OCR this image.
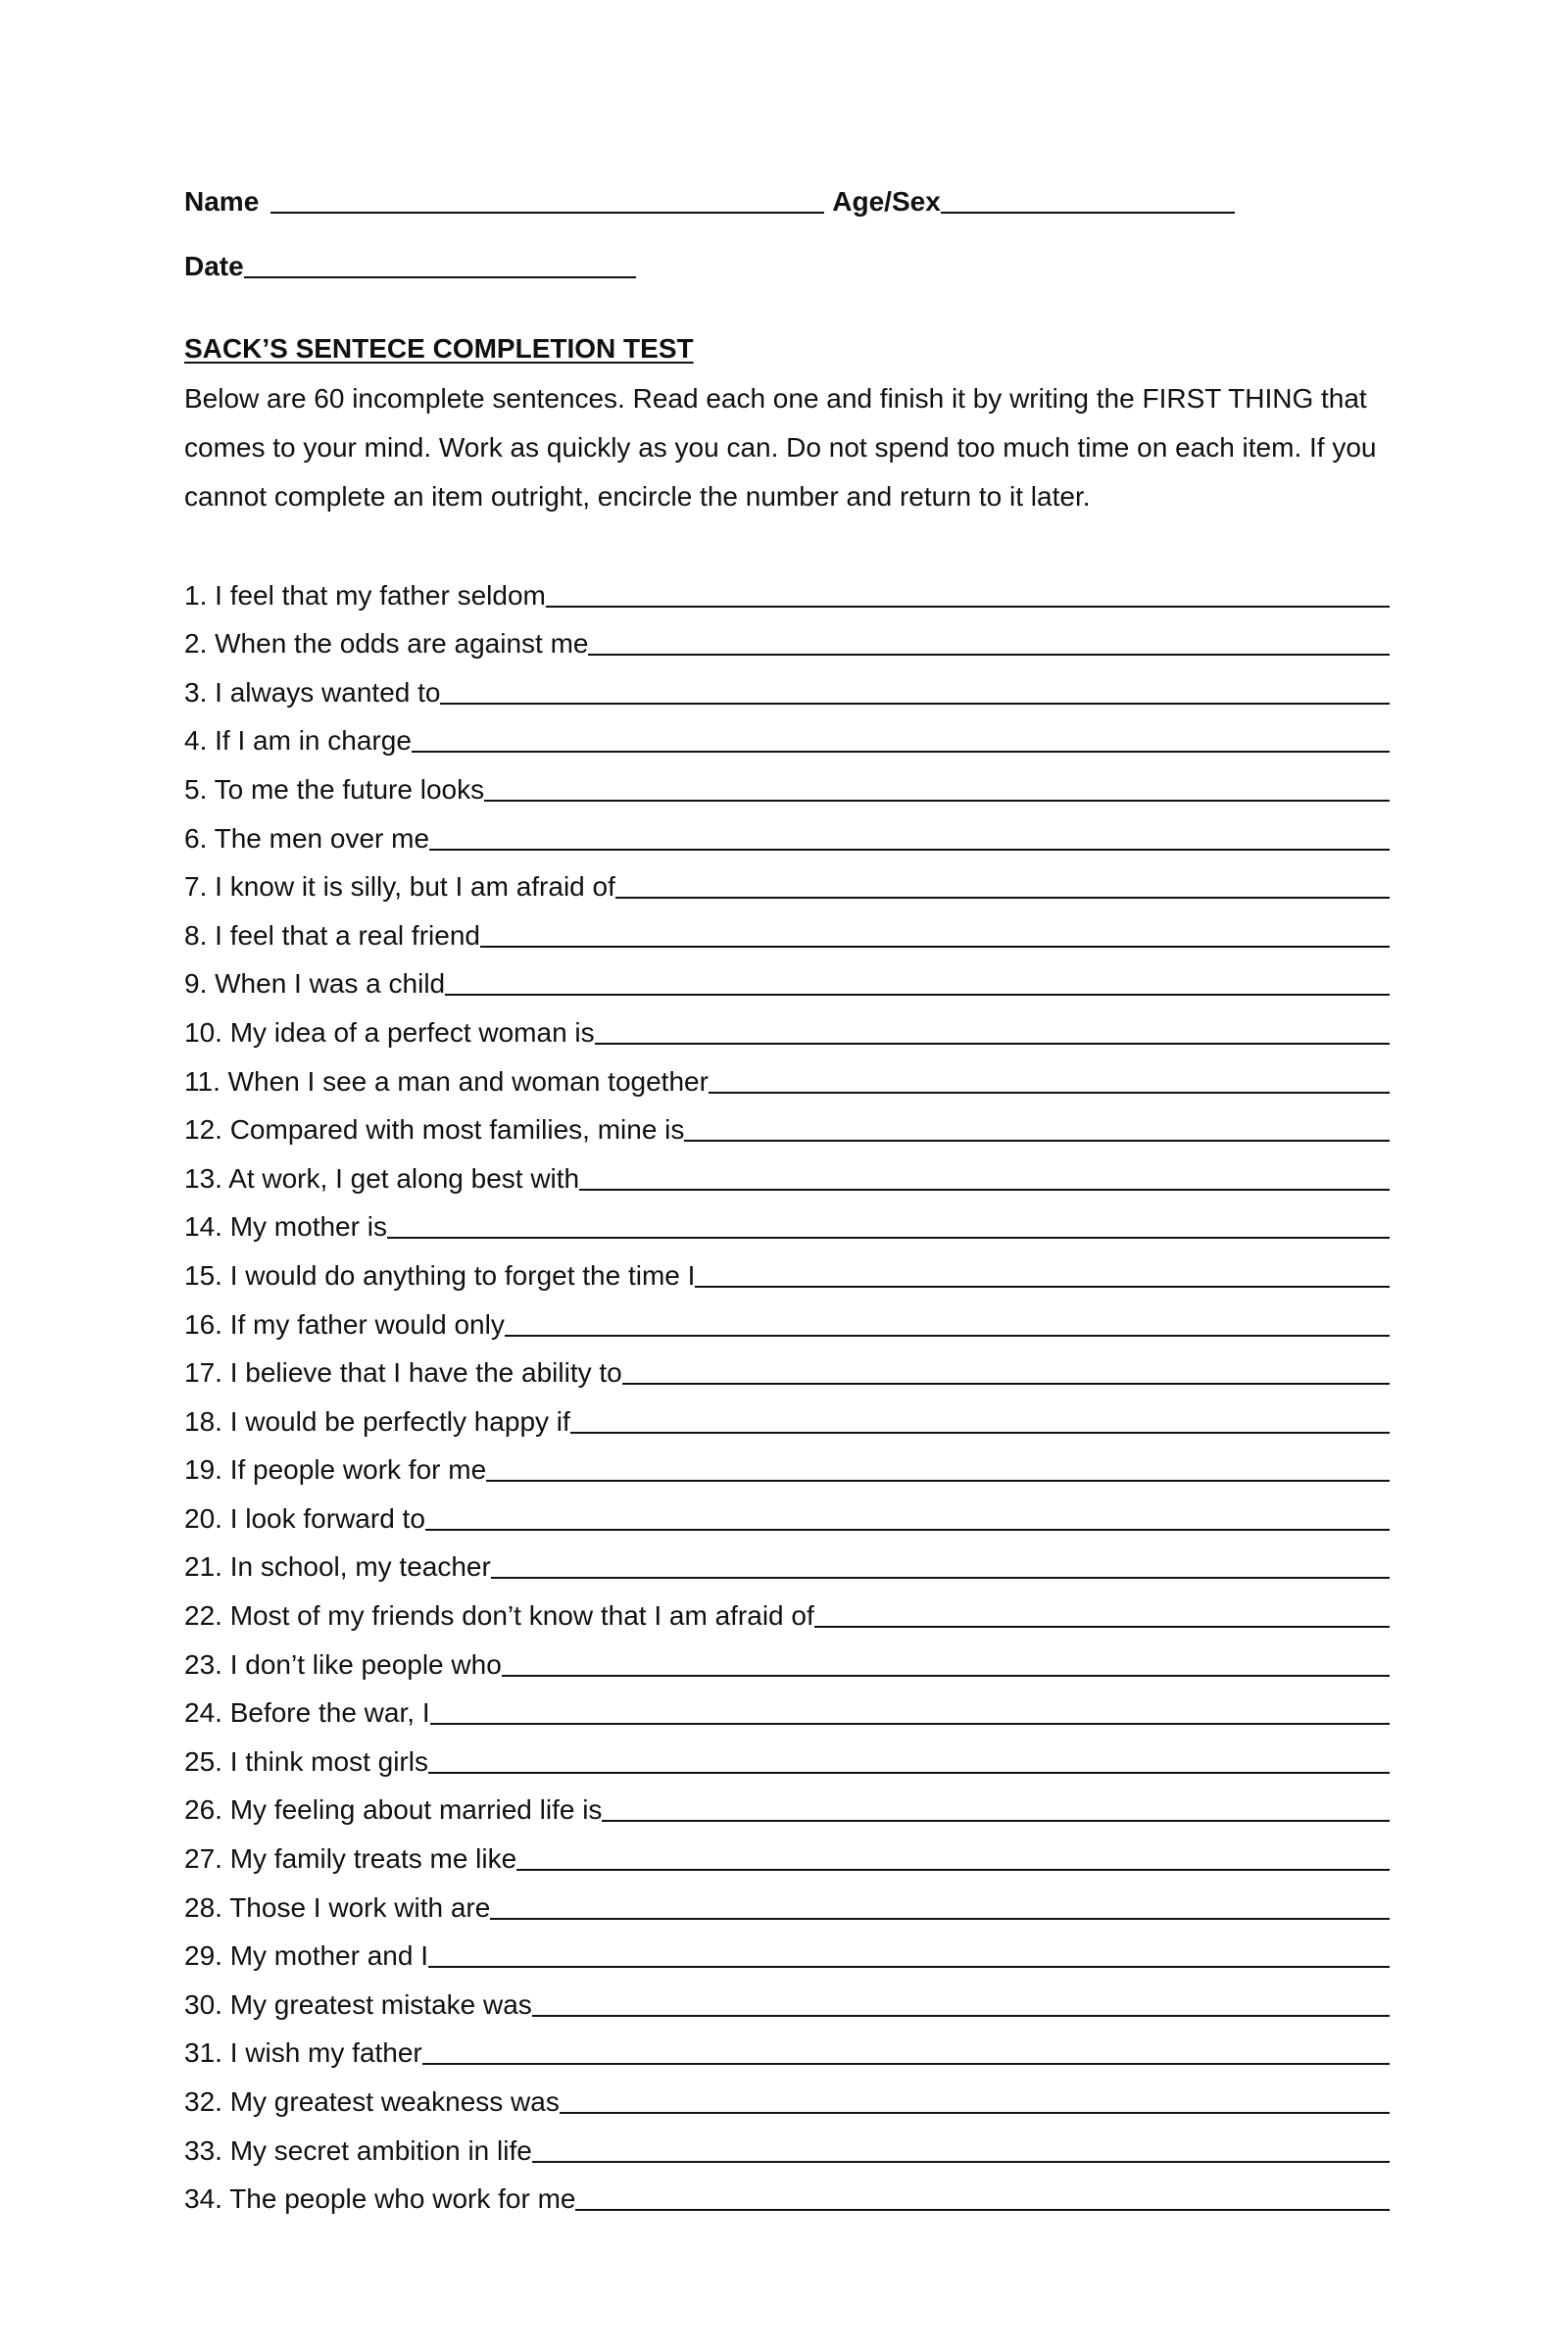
Name	Age/Sex
Date
SACK’S SENTECE COMPLETION TEST
Below are 60 incomplete sentences. Read each one and finish it by writing the FIRST THING that comes to your mind. Work as quickly as you can. Do not spend too much time on each item. If you cannot complete an item outright, encircle the number and return to it later.
1. I feel that my father seldom
2. When the odds are against me
3. I always wanted to
4. If I am in charge
5. To me the future looks
6. The men over me
7. I know it is silly, but I am afraid of
8. I feel that a real friend
9. When I was a child
10. My idea of a perfect woman is
11. When I see a man and woman together
12. Compared with most families, mine is
13. At work, I get along best with
14. My mother is
15. I would do anything to forget the time I
16. If my father would only
17. I believe that I have the ability to
18. I would be perfectly happy if
19. If people work for me
20. I look forward to
21. In school, my teacher
22. Most of my friends don’t know that I am afraid of
23. I don’t like people who
24. Before the war, I
25. I think most girls
26. My feeling about married life is
27. My family treats me like
28. Those I work with are
29. My mother and I
30. My greatest mistake was
31. I wish my father
32. My greatest weakness was
33. My secret ambition in life
34. The people who work for me
